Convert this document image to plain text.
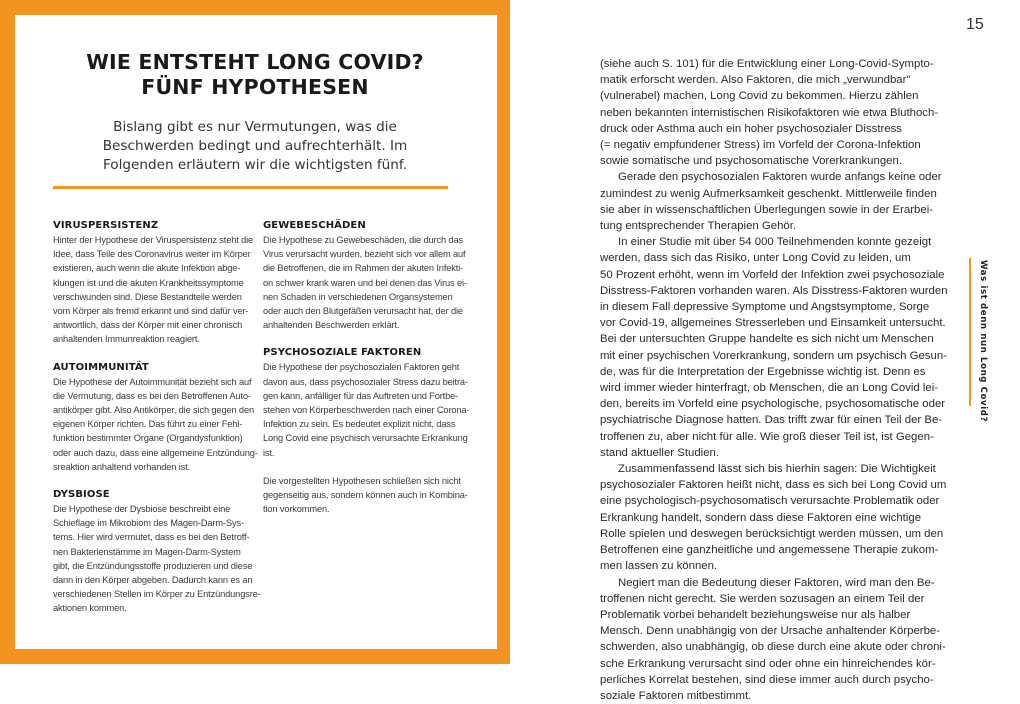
WIE ENTSTEHT LONG COVID?
FÜNF HYPOTHESEN
Bislang gibt es nur Vermutungen, was die
Beschwerden bedingt und aufrechterhält. Im
Folgenden erläutern wir die wichtigsten fünf.
VIRUSPERSISTENZ
Hinter der Hypothese der Viruspersistenz steht die
Idee, dass Teile des Coronavirus weiter im Körper
existieren, auch wenn die akute Infektion abge-
klungen ist und die akuten Krankheitssymptome
verschwunden sind. Diese Bestandteile werden
vom Körper als fremd erkannt und sind dafür ver-
antwortlich, dass der Körper mit einer chronisch
anhaltenden Immunreaktion reagiert.
AUTOIMMUNITÄT
Die Hypothese der Autoimmunität bezieht sich auf
die Vermutung, dass es bei den Betroffenen Auto-
antikörper gibt. Also Antikörper, die sich gegen den
eigenen Körper richten. Das führt zu einer Fehl-
funktion bestimmter Organe (Organdysfunktion)
oder auch dazu, dass eine allgemeine Entzündung-
sreaktion anhaltend vorhanden ist.
DYSBIOSE
Die Hypothese der Dysbiose beschreibt eine
Schieflage im Mikrobiom des Magen-Darm-Sys-
tems. Hier wird vermutet, dass es bei den Betroff-
nen Bakterienstämme im Magen-Darm-System
gibt, die Entzündungsstoffe produzieren und diese
dann in den Körper abgeben. Dadurch kann es an
verschiedenen Stellen im Körper zu Entzündungsre-
aktionen kommen.
GEWEBESCHÄDEN
Die Hypothese zu Gewebeschäden, die durch das
Virus verursacht wurden, bezieht sich vor allem auf
die Betroffenen, die im Rahmen der akuten Infekti-
on schwer krank waren und bei denen das Virus ei-
nen Schaden in verschiedenen Organsystemen
oder auch den Blutgefäßen verursacht hat, der die
anhaltenden Beschwerden erklärt.
PSYCHOSOZIALE FAKTOREN
Die Hypothese der psychosozialen Faktoren geht
davon aus, dass psychosozialer Stress dazu beitra-
gen kann, anfälliger für das Auftreten und Fortbe-
stehen von Körperbeschwerden nach einer Corona-
Infektion zu sein. Es bedeutet explizit nicht, dass
Long Covid eine psychisch verursachte Erkrankung
ist.
Die vorgestellten Hypothesen schließen sich nicht
gegenseitig aus, sondern können auch in Kombina-
tion vorkommen.
15
Was ist denn nun Long Covid?
(siehe auch S. 101) für die Entwicklung einer Long-Covid-Sympto-
matik erforscht werden. Also Faktoren, die mich „verwundbar"
(vulnerabel) machen, Long Covid zu bekommen. Hierzu zählen
neben bekannten internistischen Risikofaktoren wie etwa Bluthoch-
druck oder Asthma auch ein hoher psychosozialer Disstress
(= negativ empfundener Stress) im Vorfeld der Corona-Infektion
sowie somatische und psychosomatische Vorerkrankungen.
Gerade den psychosozialen Faktoren wurde anfangs keine oder
zumindest zu wenig Aufmerksamkeit geschenkt. Mittlerweile finden
sie aber in wissenschaftlichen Überlegungen sowie in der Erarbei-
tung entsprechender Therapien Gehör.
In einer Studie mit über 54 000 Teilnehmenden konnte gezeigt
werden, dass sich das Risiko, unter Long Covid zu leiden, um
50 Prozent erhöht, wenn im Vorfeld der Infektion zwei psychosoziale
Disstress-Faktoren vorhanden waren. Als Disstress-Faktoren wurden
in diesem Fall depressive Symptome und Angstsymptome, Sorge
vor Covid-19, allgemeines Stresserleben und Einsamkeit untersucht.
Bei der untersuchten Gruppe handelte es sich nicht um Menschen
mit einer psychischen Vorerkrankung, sondern um psychisch Gesun-
de, was für die Interpretation der Ergebnisse wichtig ist. Denn es
wird immer wieder hinterfragt, ob Menschen, die an Long Covid lei-
den, bereits im Vorfeld eine psychologische, psychosomatische oder
psychiatrische Diagnose hatten. Das trifft zwar für einen Teil der Be-
troffenen zu, aber nicht für alle. Wie groß dieser Teil ist, ist Gegen-
stand aktueller Studien.
Zusammenfassend lässt sich bis hierhin sagen: Die Wichtigkeit
psychosozialer Faktoren heißt nicht, dass es sich bei Long Covid um
eine psychologisch-psychosomatisch verursachte Problematik oder
Erkrankung handelt, sondern dass diese Faktoren eine wichtige
Rolle spielen und deswegen berücksichtigt werden müssen, um den
Betroffenen eine ganzheitliche und angemessene Therapie zukom-
men lassen zu können.
Negiert man die Bedeutung dieser Faktoren, wird man den Be-
troffenen nicht gerecht. Sie werden sozusagen an einem Teil der
Problematik vorbei behandelt beziehungsweise nur als halber
Mensch. Denn unabhängig von der Ursache anhaltender Körperbe-
schwerden, also unabhängig, ob diese durch eine akute oder chroni-
sche Erkrankung verursacht sind oder ohne ein hinreichendes kör-
perliches Korrelat bestehen, sind diese immer auch durch psycho-
soziale Faktoren mitbestimmt.
